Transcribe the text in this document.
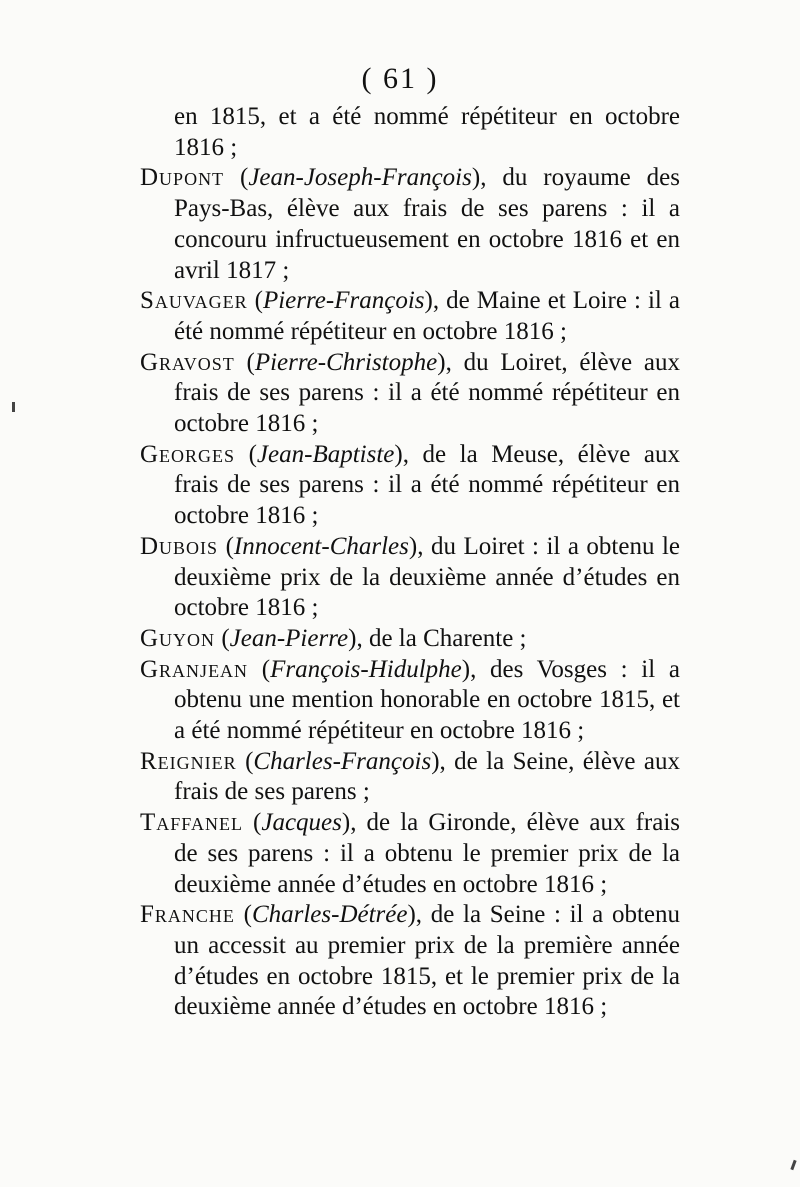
( 61 )

en 1815, et a été nommé répétiteur en octobre 1816 ;

Dupont (Jean-Joseph-François), du royaume des Pays-Bas, élève aux frais de ses parens : il a concouru infructueusement en octobre 1816 et en avril 1817 ;

Sauvager (Pierre-François), de Maine et Loire : il a été nommé répétiteur en octobre 1816 ;

Gravost (Pierre-Christophe), du Loiret, élève aux frais de ses parens : il a été nommé répétiteur en octobre 1816 ;

Georges (Jean-Baptiste), de la Meuse, élève aux frais de ses parens : il a été nommé répétiteur en octobre 1816 ;

Dubois (Innocent-Charles), du Loiret : il a obtenu le deuxième prix de la deuxième année d’études en octobre 1816 ;

Guyon (Jean-Pierre), de la Charente ;

Granjean (François-Hidulphe), des Vosges : il a obtenu une mention honorable en octobre 1815, et a été nommé répétiteur en octobre 1816 ;

Reignier (Charles-François), de la Seine, élève aux frais de ses parens ;

Taffanel (Jacques), de la Gironde, élève aux frais de ses parens : il a obtenu le premier prix de la deuxième année d’études en octobre 1816 ;

Franche (Charles-Détrée), de la Seine : il a obtenu un accessit au premier prix de la première année d’études en octobre 1815, et le premier prix de la deuxième année d’études en octobre 1816 ;
